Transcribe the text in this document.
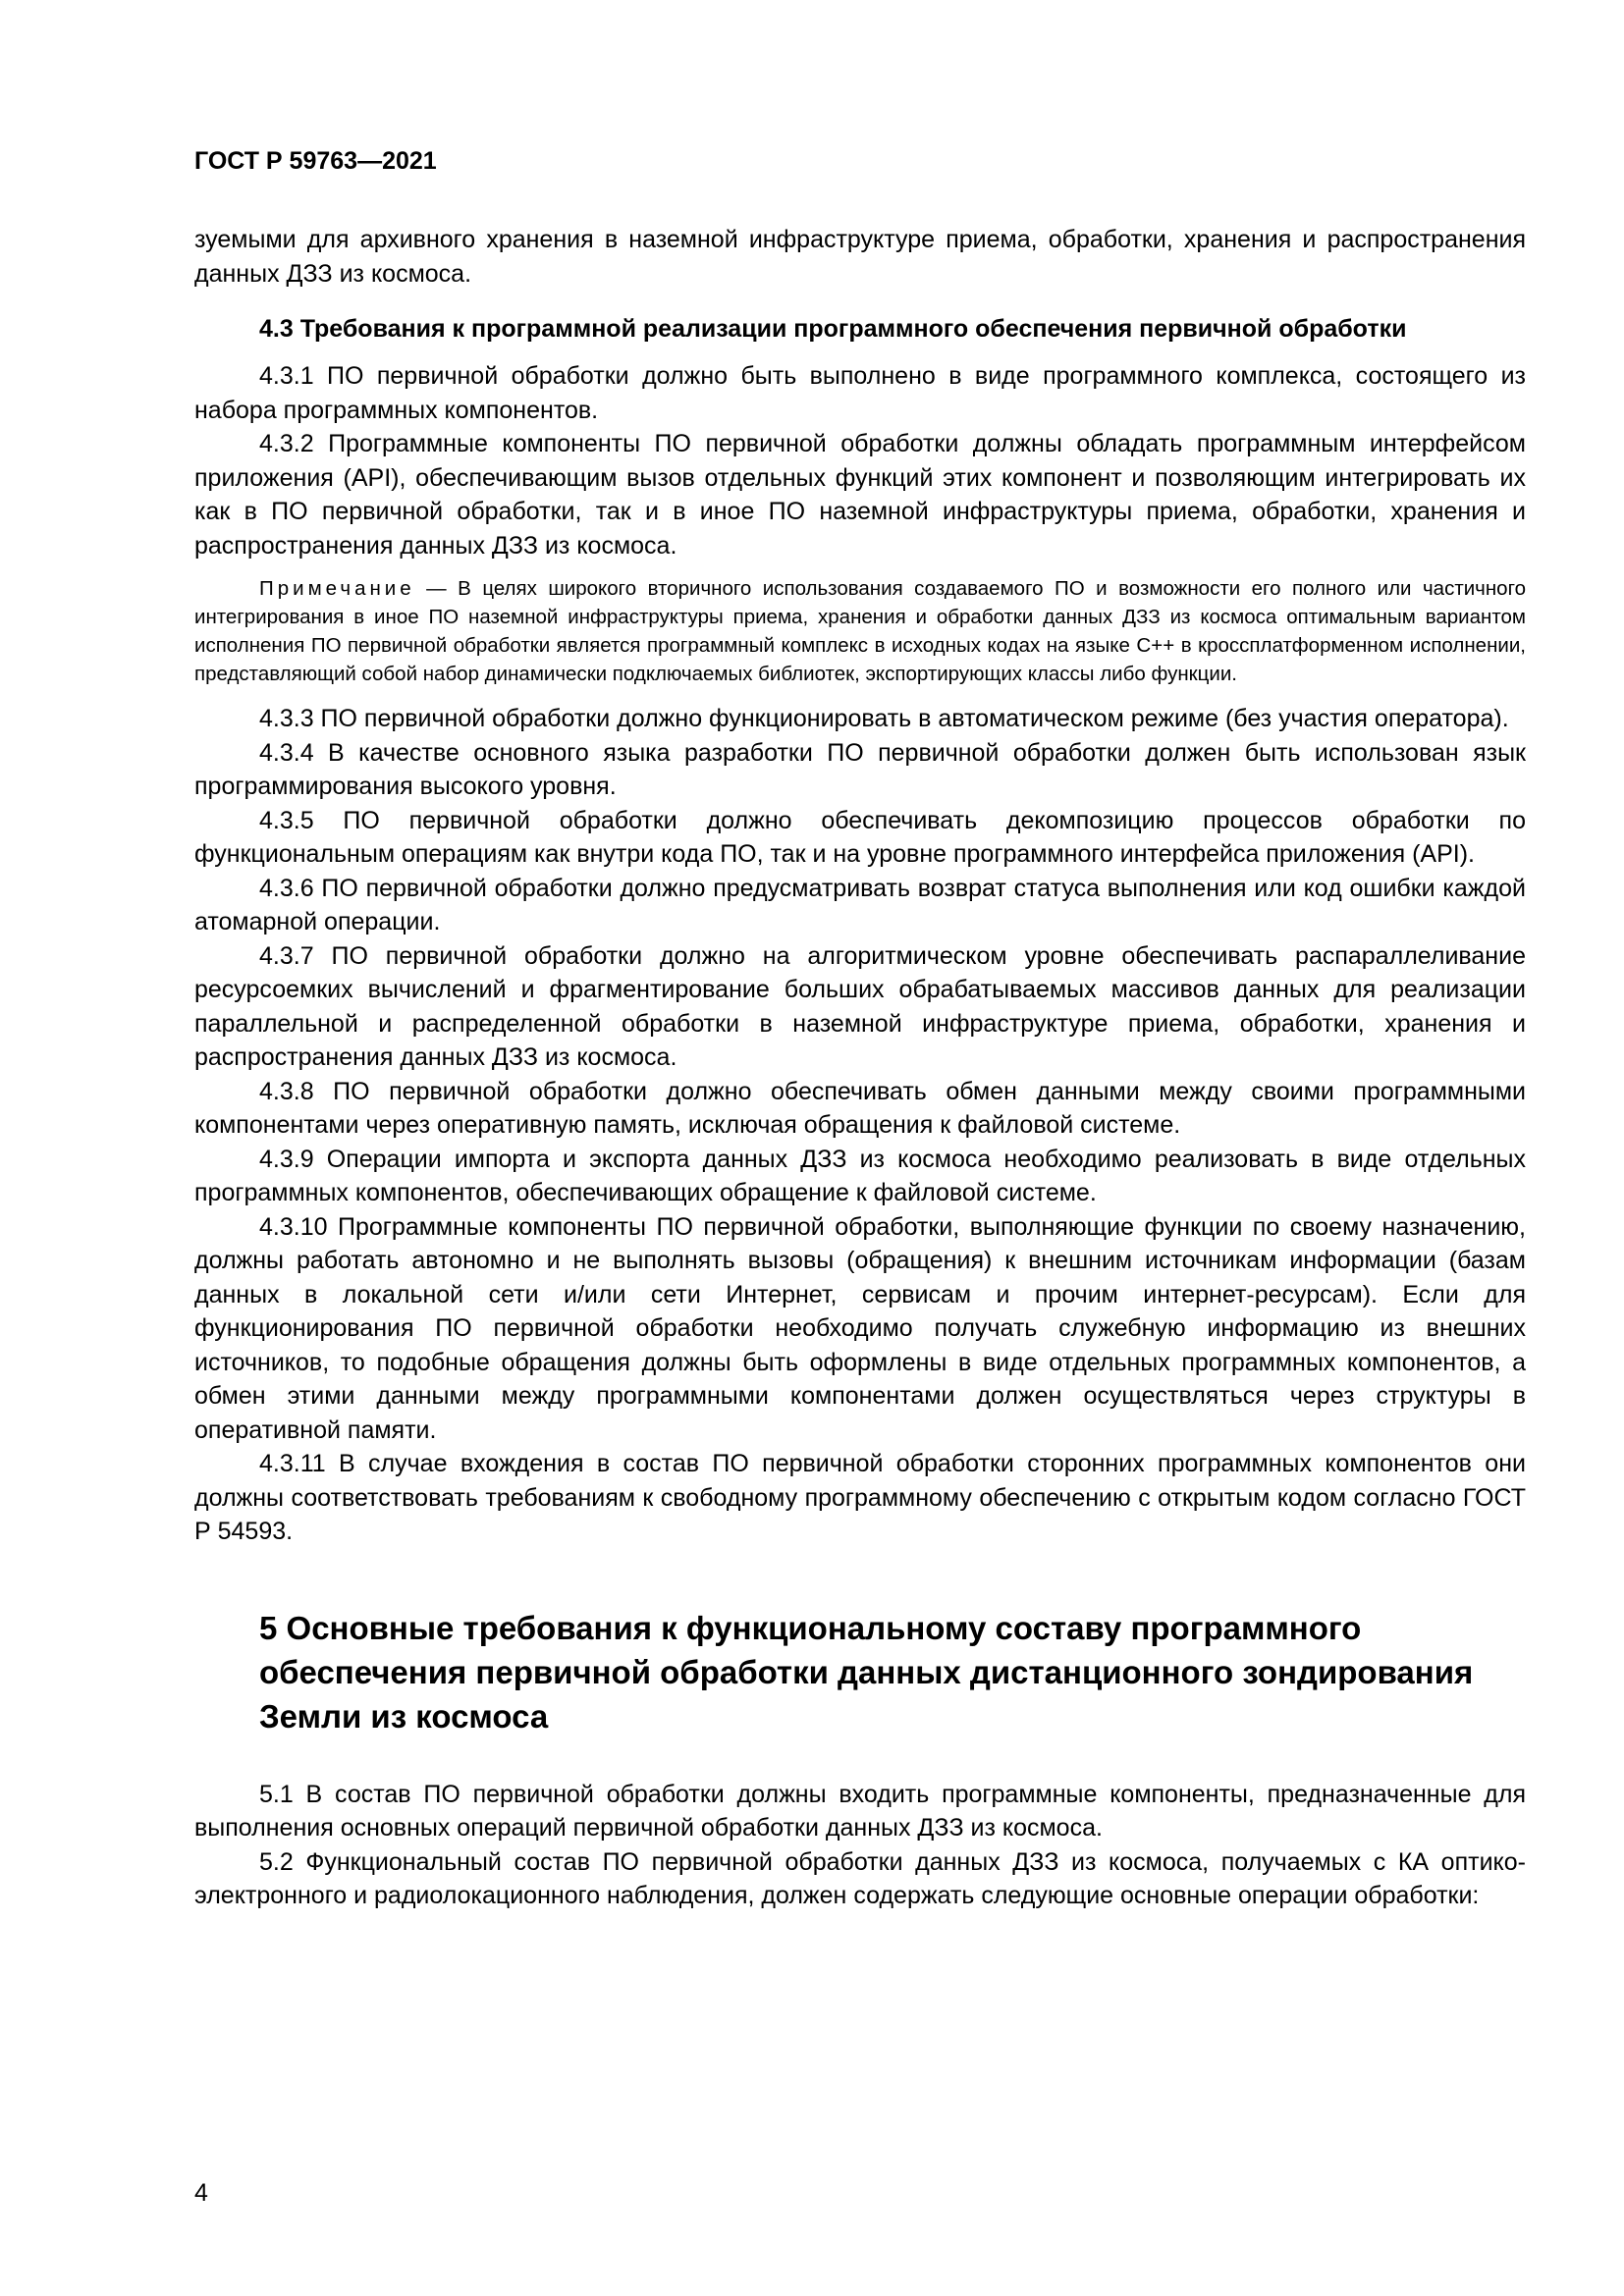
ГОСТ Р 59763—2021

зуемыми для архивного хранения в наземной инфраструктуре приема, обработки, хранения и распространения данных ДЗЗ из космоса.

4.3 Требования к программной реализации программного обеспечения первичной обработки

4.3.1 ПО первичной обработки должно быть выполнено в виде программного комплекса, состоящего из набора программных компонентов.

4.3.2 Программные компоненты ПО первичной обработки должны обладать программным интерфейсом приложения (API), обеспечивающим вызов отдельных функций этих компонент и позволяющим интегрировать их как в ПО первичной обработки, так и в иное ПО наземной инфраструктуры приема, обработки, хранения и распространения данных ДЗЗ из космоса.

Примечание — В целях широкого вторичного использования создаваемого ПО и возможности его полного или частичного интегрирования в иное ПО наземной инфраструктуры приема, хранения и обработки данных ДЗЗ из космоса оптимальным вариантом исполнения ПО первичной обработки является программный комплекс в исходных кодах на языке С++ в кроссплатформенном исполнении, представляющий собой набор динамически подключаемых библиотек, экспортирующих классы либо функции.

4.3.3 ПО первичной обработки должно функционировать в автоматическом режиме (без участия оператора).

4.3.4 В качестве основного языка разработки ПО первичной обработки должен быть использован язык программирования высокого уровня.

4.3.5 ПО первичной обработки должно обеспечивать декомпозицию процессов обработки по функциональным операциям как внутри кода ПО, так и на уровне программного интерфейса приложения (API).

4.3.6 ПО первичной обработки должно предусматривать возврат статуса выполнения или код ошибки каждой атомарной операции.

4.3.7 ПО первичной обработки должно на алгоритмическом уровне обеспечивать распараллеливание ресурсоемких вычислений и фрагментирование больших обрабатываемых массивов данных для реализации параллельной и распределенной обработки в наземной инфраструктуре приема, обработки, хранения и распространения данных ДЗЗ из космоса.

4.3.8 ПО первичной обработки должно обеспечивать обмен данными между своими программными компонентами через оперативную память, исключая обращения к файловой системе.

4.3.9 Операции импорта и экспорта данных ДЗЗ из космоса необходимо реализовать в виде отдельных программных компонентов, обеспечивающих обращение к файловой системе.

4.3.10 Программные компоненты ПО первичной обработки, выполняющие функции по своему назначению, должны работать автономно и не выполнять вызовы (обращения) к внешним источникам информации (базам данных в локальной сети и/или сети Интернет, сервисам и прочим интернет-ресурсам). Если для функционирования ПО первичной обработки необходимо получать служебную информацию из внешних источников, то подобные обращения должны быть оформлены в виде отдельных программных компонентов, а обмен этими данными между программными компонентами должен осуществляться через структуры в оперативной памяти.

4.3.11 В случае вхождения в состав ПО первичной обработки сторонних программных компонентов они должны соответствовать требованиям к свободному программному обеспечению с открытым кодом согласно ГОСТ Р 54593.

5 Основные требования к функциональному составу программного обеспечения первичной обработки данных дистанционного зондирования Земли из космоса

5.1 В состав ПО первичной обработки должны входить программные компоненты, предназначенные для выполнения основных операций первичной обработки данных ДЗЗ из космоса.

5.2 Функциональный состав ПО первичной обработки данных ДЗЗ из космоса, получаемых с КА оптико-электронного и радиолокационного наблюдения, должен содержать следующие основные операции обработки:

4
